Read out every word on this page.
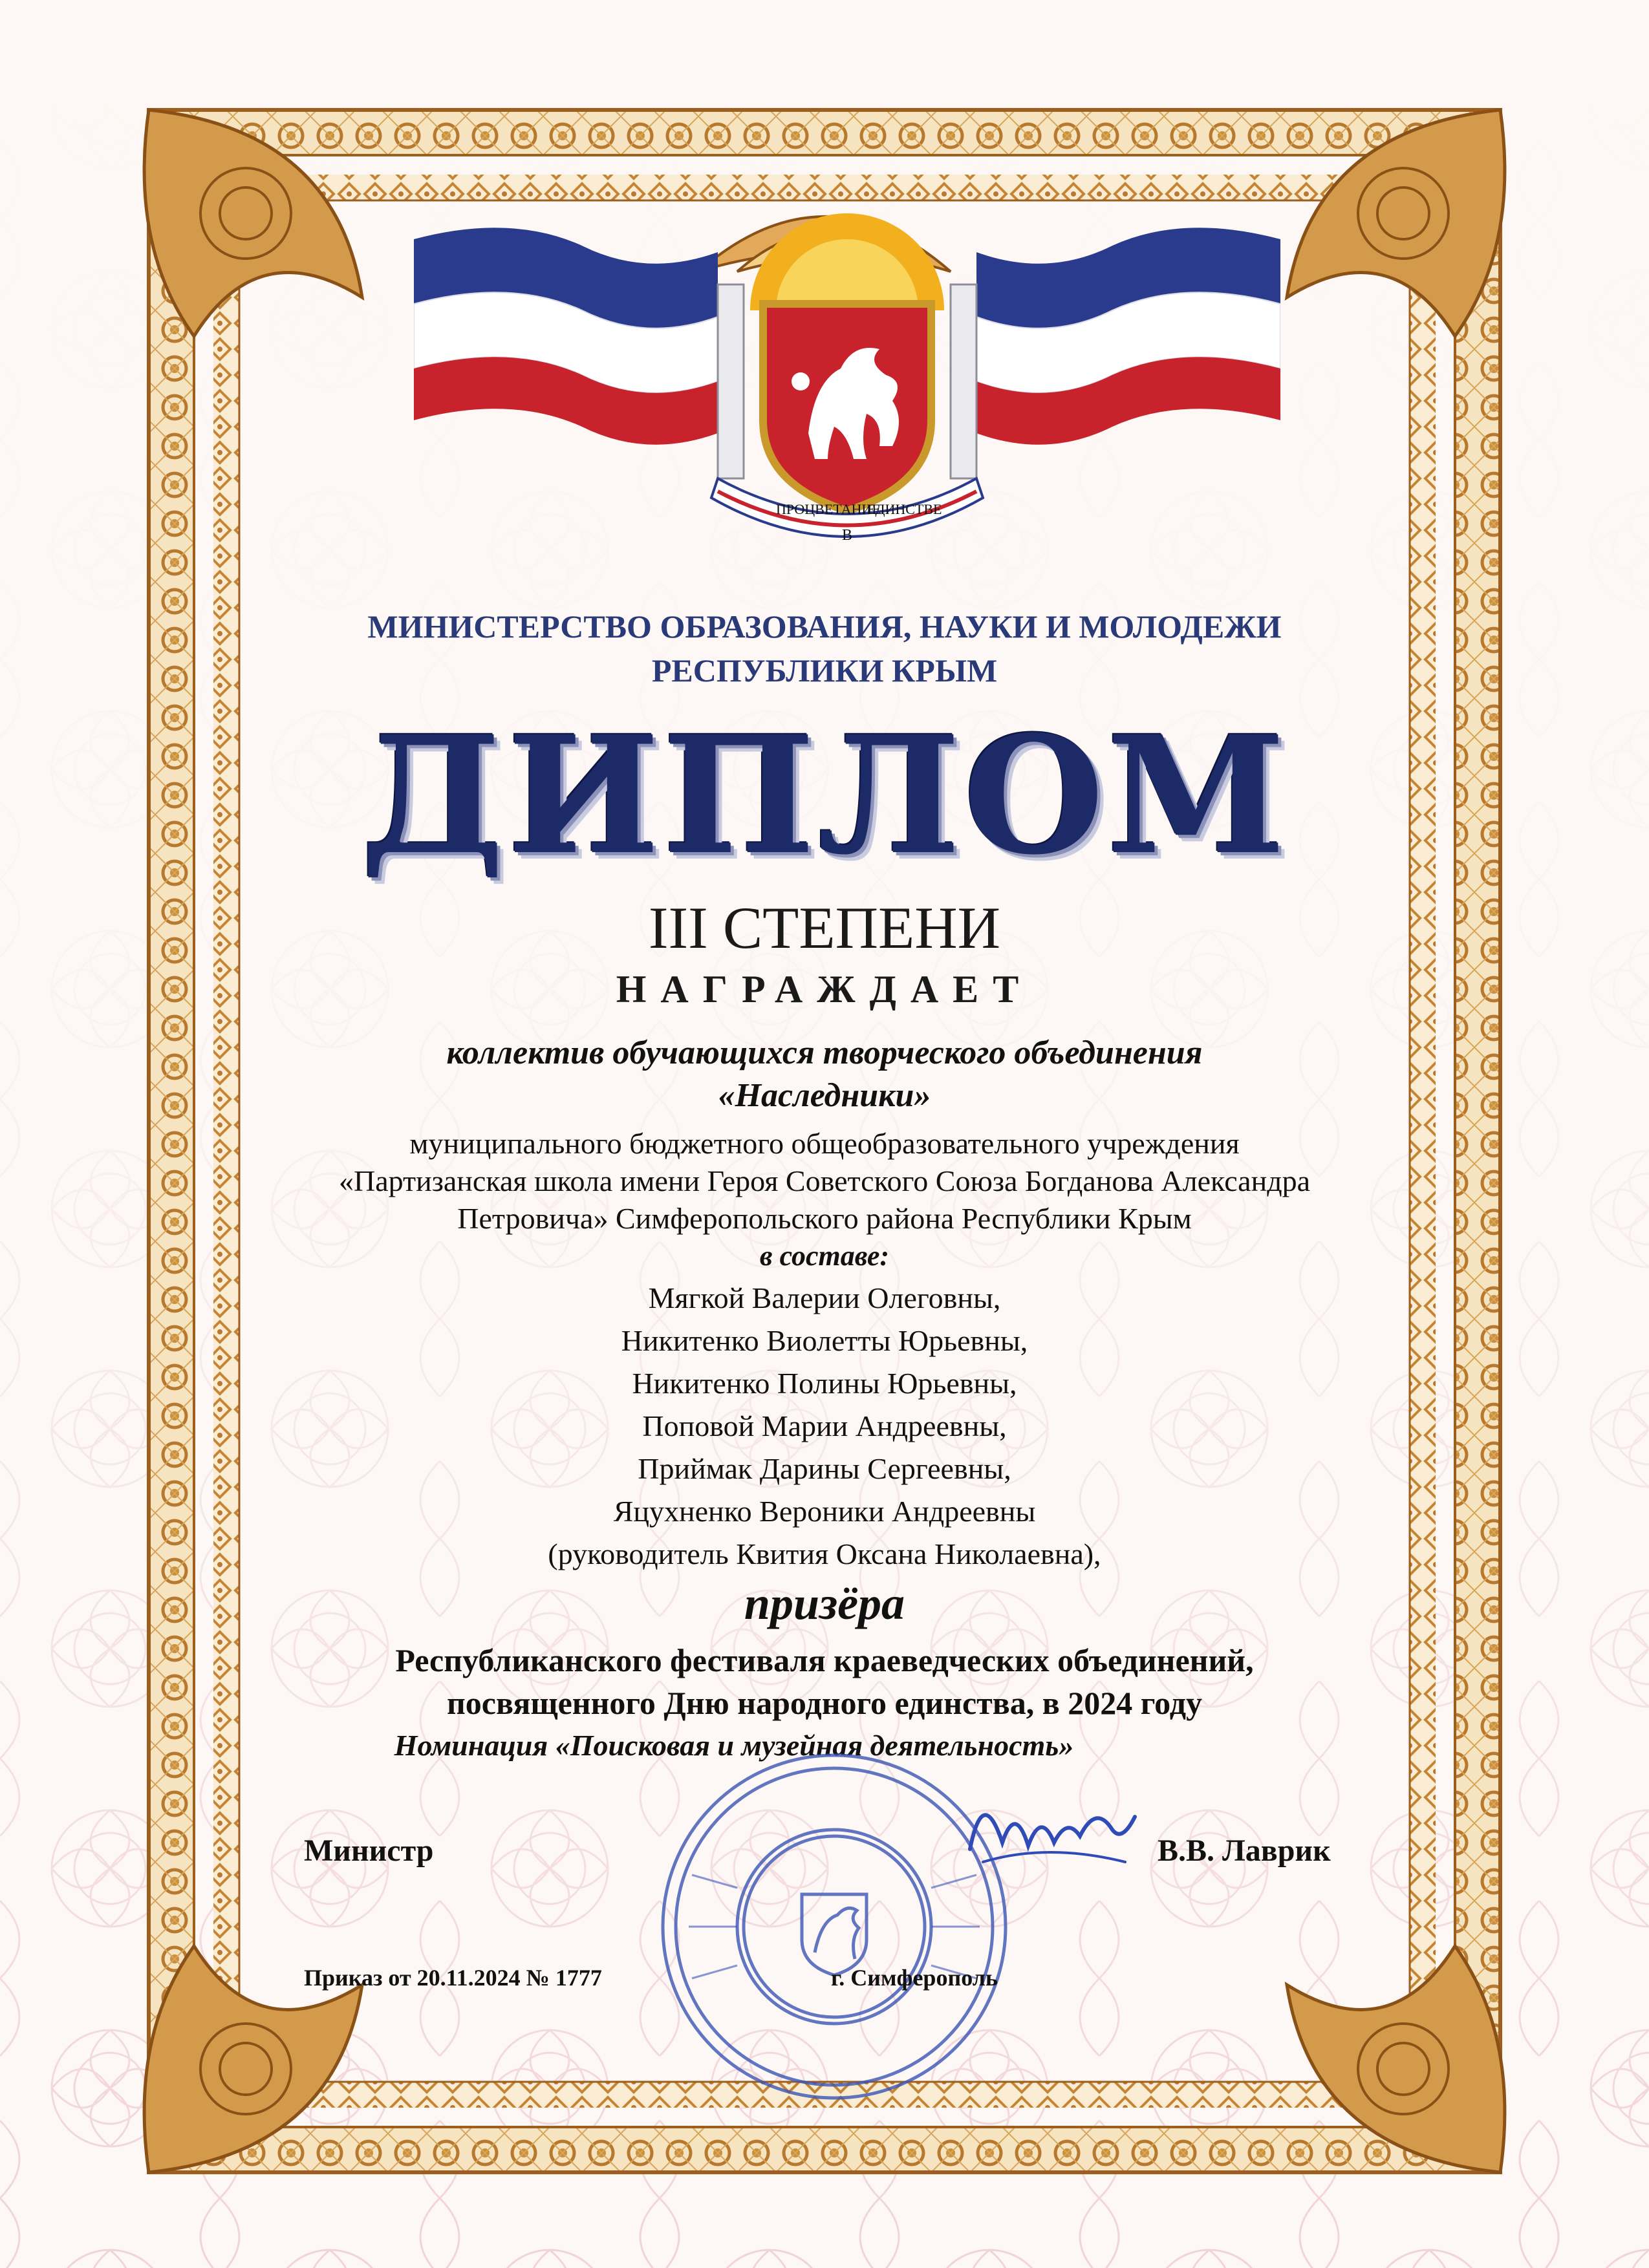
ПРОЦВЕТАНИЕ
В
ЕДИНСТВЕ
МИНИСТЕРСТВО ОБРАЗОВАНИЯ, НАУКИ И МОЛОДЕЖИ
РЕСПУБЛИКИ КРЫМ
ДИПЛОМ
III СТЕПЕНИ
НАГРАЖДАЕТ
коллектив обучающихся творческого объединения
«Наследники»
муниципального бюджетного общеобразовательного учреждения
«Партизанская школа имени Героя Советского Союза Богданова Александра
Петровича» Симферопольского района Республики Крым
в составе:
Мягкой Валерии Олеговны,
Никитенко Виолетты Юрьевны,
Никитенко Полины Юрьевны,
Поповой Марии Андреевны,
Приймак Дарины Сергеевны,
Яцухненко Вероники Андреевны
(руководитель Квития Оксана Николаевна),
призёра
Республиканского фестиваля краеведческих объединений,
посвященного Дню народного единства, в 2024 году
Номинация «Поисковая и музейная деятельность»
Министр	В.В. Лаврик
Приказ от 20.11.2024 № 1777	г. Симферополь
